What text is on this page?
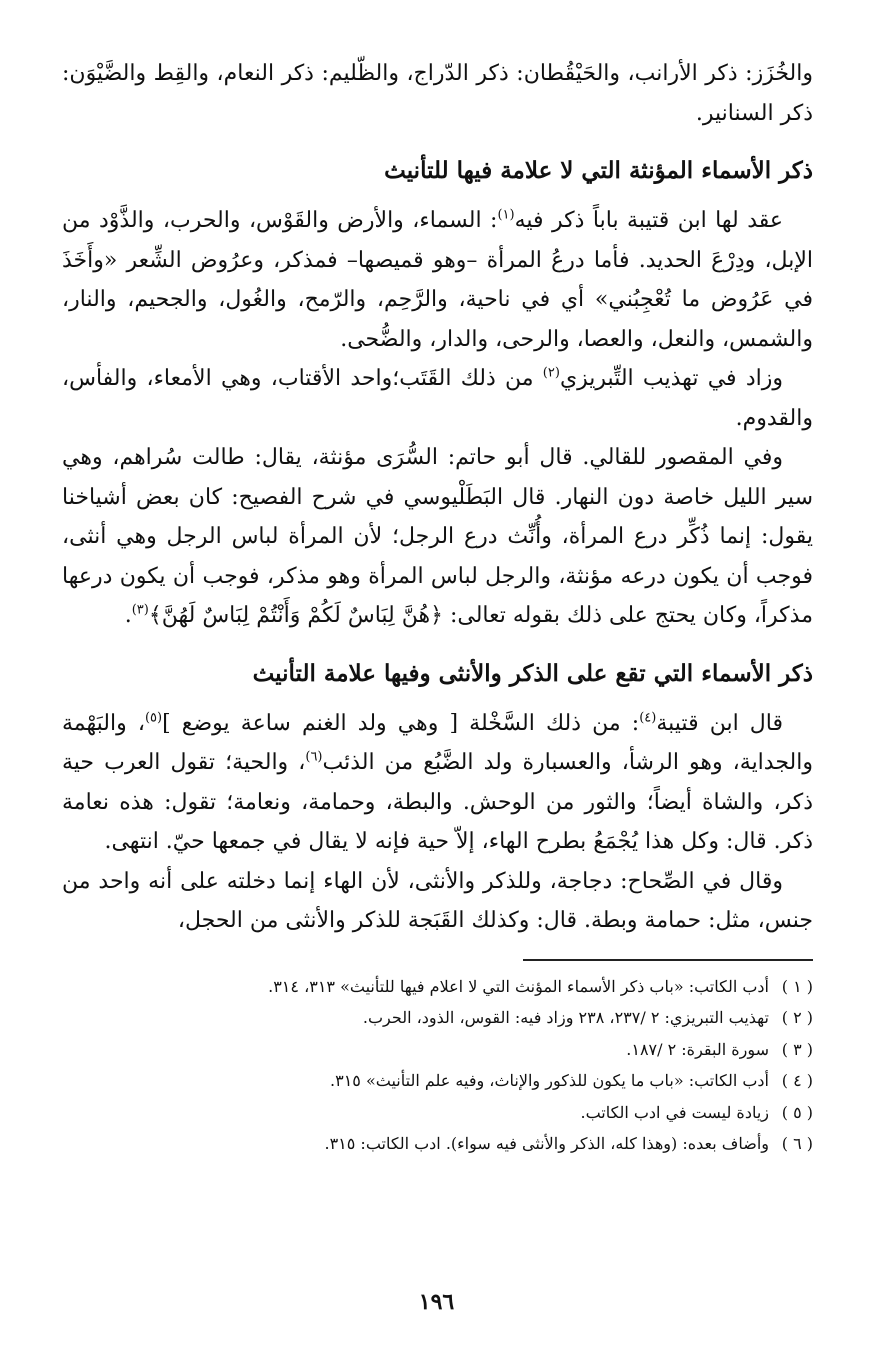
والخُزَز: ذكر الأرانب، والحَيْقُطان: ذكر الدّراج، والظّليم: ذكر النعام، والقِط والضَّيْوَن: ذكر السنانير.

ذكر الأسماء المؤنثة التي لا علامة فيها للتأنيث

عقد لها ابن قتيبة باباً ذكر فيه$^{(١)}$: السماء، والأرض والقَوْس، والحرب، والذَّوْد من الإبل، ودِرْعَ الحديد. فأما درعُ المرأة –وهو قميصها– فمذكر، وعرُوض الشِّعر «وأَخَذَ في عَرُوض ما تُعْجِبُني» أي في ناحية، والرَّحِم، والرّمح، والغُول، والجحيم، والنار، والشمس، والنعل، والعصا، والرحى، والدار، والضُّحى.

وزاد في تهذيب التِّبريزي$^{(٢)}$ من ذلك القَتَب؛واحد الأقتاب، وهي الأمعاء، والفأس، والقدوم.

وفي المقصور للقالي. قال أبو حاتم: السُّرَى مؤنثة، يقال: طالت سُراهم، وهي سير الليل خاصة دون النهار. قال البَطَلْيوسي في شرح الفصيح: كان بعض أشياخنا يقول: إنما ذُكِّر درع المرأة، وأُنِّث درع الرجل؛ لأن المرأة لباس الرجل وهي أنثى، فوجب أن يكون درعه مؤنثة، والرجل لباس المرأة وهو مذكر، فوجب أن يكون درعها مذكراً، وكان يحتج على ذلك بقوله تعالى: ﴿هُنَّ لِبَاسٌ لَكُمْ وَأَنْتُمْ لِبَاسٌ لَهُنَّ﴾$^{(٣)}$.

ذكر الأسماء التي تقع على الذكر والأنثى وفيها علامة التأنيث

قال ابن قتيبة$^{(٤)}$: من ذلك السَّخْلة [ وهي ولد الغنم ساعة يوضع ]$^{(٥)}$، والبَهْمة والجداية، وهو الرشأ، والعسبارة ولد الضَّبُع من الذئب$^{(٦)}$، والحية؛ تقول العرب حية ذكر، والشاة أيضاً؛ والثور من الوحش. والبطة، وحمامة، ونعامة؛ تقول: هذه نعامة ذكر. قال: وكل هذا يُجْمَعُ بطرح الهاء، إلاّ حية فإنه لا يقال في جمعها حيّ. انتهى.

وقال في الصِّحاح: دجاجة، وللذكر والأنثى، لأن الهاء إنما دخلته على أنه واحد من جنس، مثل: حمامة وبطة. قال: وكذلك القَبَجة للذكر والأنثى من الحجل،

( ١ )
أدب الكاتب: «باب ذكر الأسماء المؤنث التي لا اعلام فيها للتأنيث» ٣١٣، ٣١٤.
( ٢ )
تهذيب التبريزي: ٢ /٢٣٧، ٢٣٨ وزاد فيه: القوس، الذود، الحرب.
( ٣ )
سورة البقرة: ٢ /١٨٧.
( ٤ )
أدب الكاتب: «باب ما يكون للذكور والإناث، وفيه علم التأنيث» ٣١٥.
( ٥ )
زيادة ليست في ادب الكاتب.
( ٦ )
وأضاف بعده: (وهذا كله، الذكر والأنثى فيه سواء). ادب الكاتب: ٣١٥.
١٩٦
